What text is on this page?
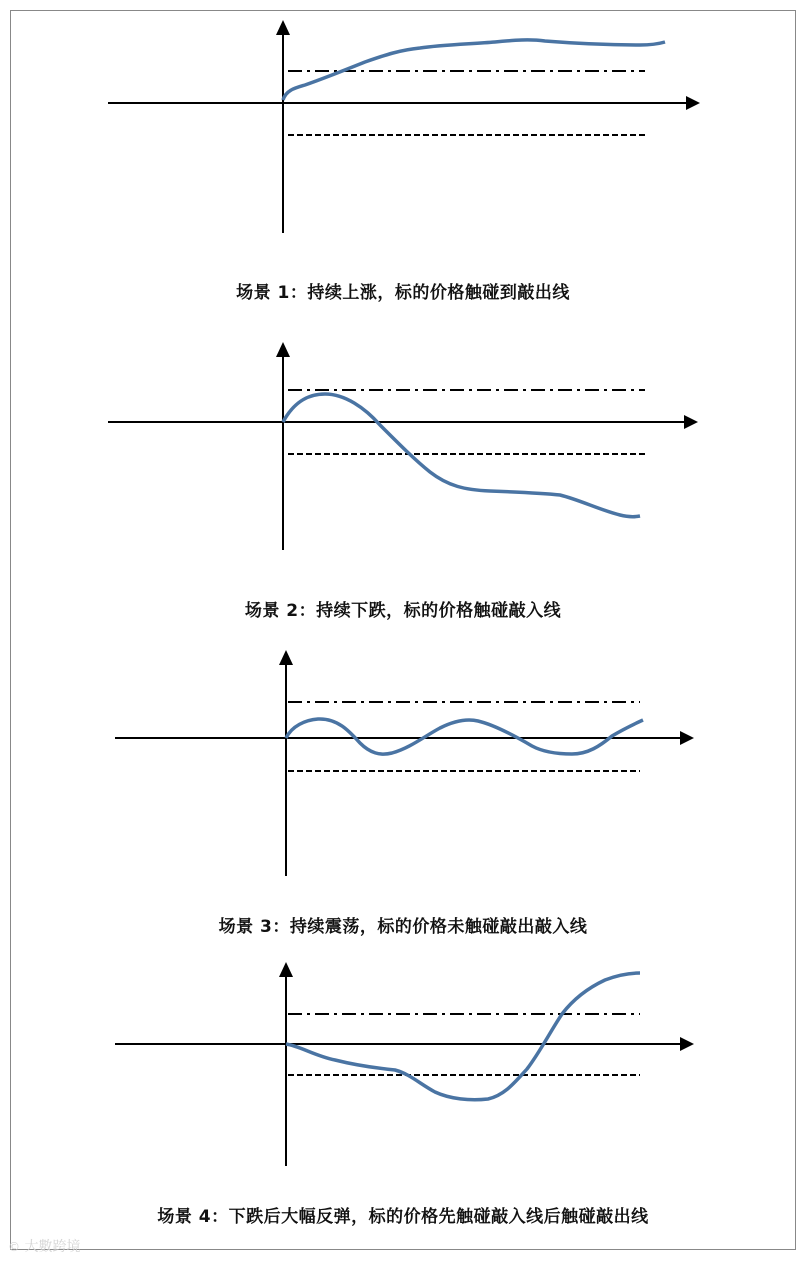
场景 1：持续上涨，标的价格触碰到敲出线
场景 2：持续下跌，标的价格触碰敲入线
场景 3：持续震荡，标的价格未触碰敲出敲入线
场景 4：下跌后大幅反弹，标的价格先触碰敲入线后触碰敲出线
© 大數跨境
